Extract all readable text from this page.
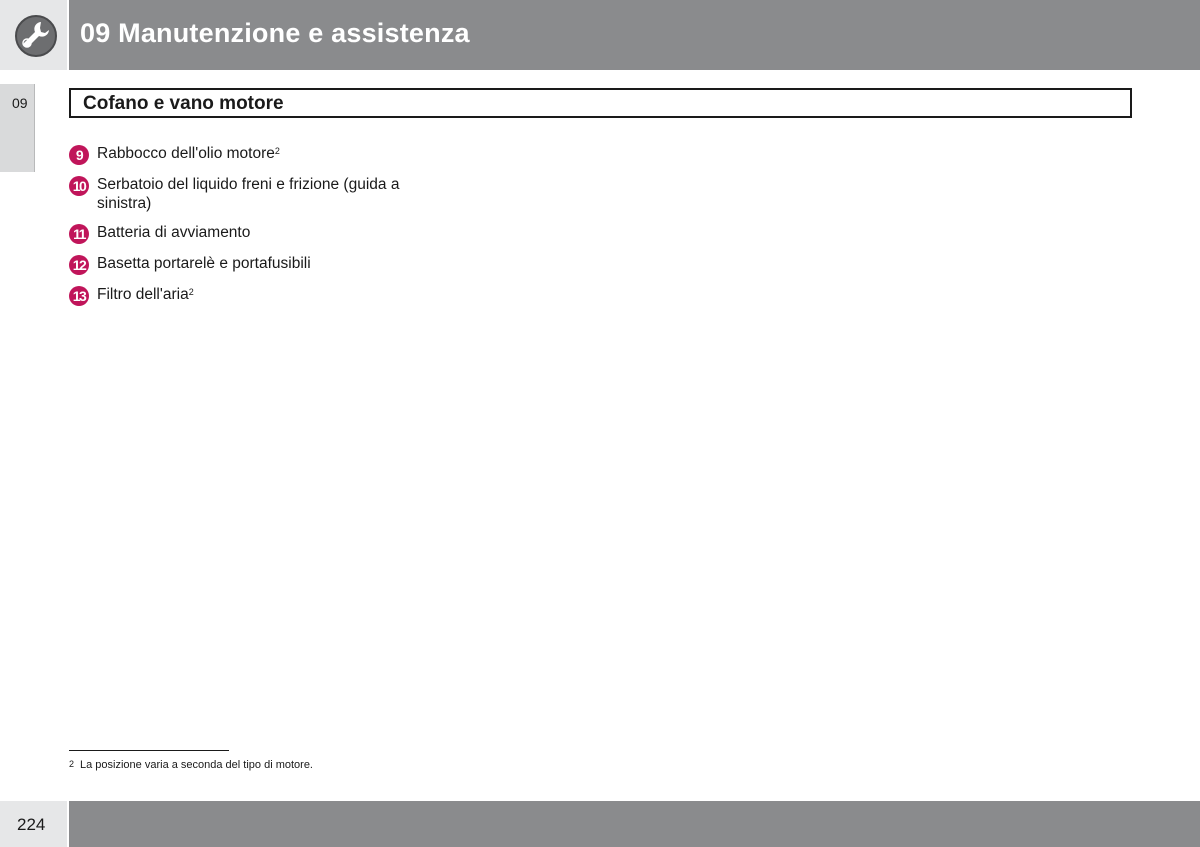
09 Manutenzione e assistenza
09	Cofano e vano motore
9 Rabbocco dell'olio motore$^2$
10 Serbatoio del liquido freni e frizione (guida a sinistra)
11 Batteria di avviamento
12 Basetta portarelè e portafusibili
13 Filtro dell'aria$^2$
$^2$ La posizione varia a seconda del tipo di motore.
224
